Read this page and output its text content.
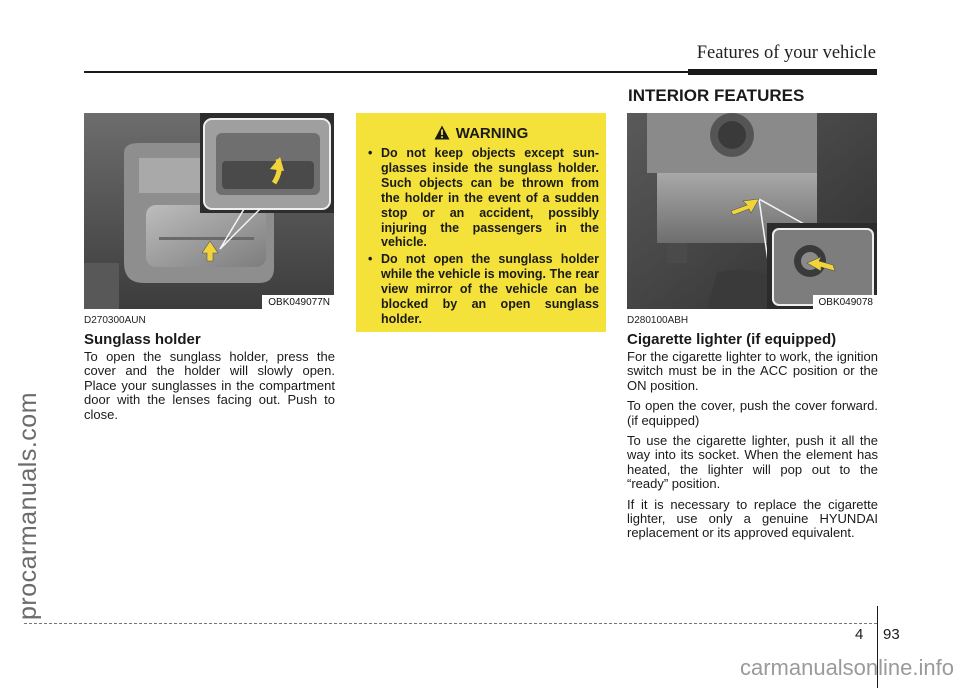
procarmanuals.com
Features of your vehicle
INTERIOR FEATURES
OBK049077N
D270300AUN
Sunglass holder

To open the sunglass holder, press the cover and the holder will slowly open. Place your sunglasses in the compartment door with the lenses facing out. Push to close.

WARNING
• Do not keep objects except sunglasses inside the sunglass holder. Such objects can be thrown from the holder in the event of a sudden stop or an accident, possibly injuring the passengers in the vehicle.
• Do not open the sunglass holder while the vehicle is moving. The rear view mirror of the vehicle can be blocked by an open sunglass holder.
OBK049078
D280100ABH
Cigarette lighter (if equipped)

For the cigarette lighter to work, the ignition switch must be in the ACC position or the ON position.

To open the cover, push the cover forward. (if equipped)

To use the cigarette lighter, push it all the way into its socket. When the element has heated, the lighter will pop out to the “ready” position.

If it is necessary to replace the cigarette lighter, use only a genuine HYUNDAI replacement or its approved equivalent.

4 93
carmanualsonline.info
